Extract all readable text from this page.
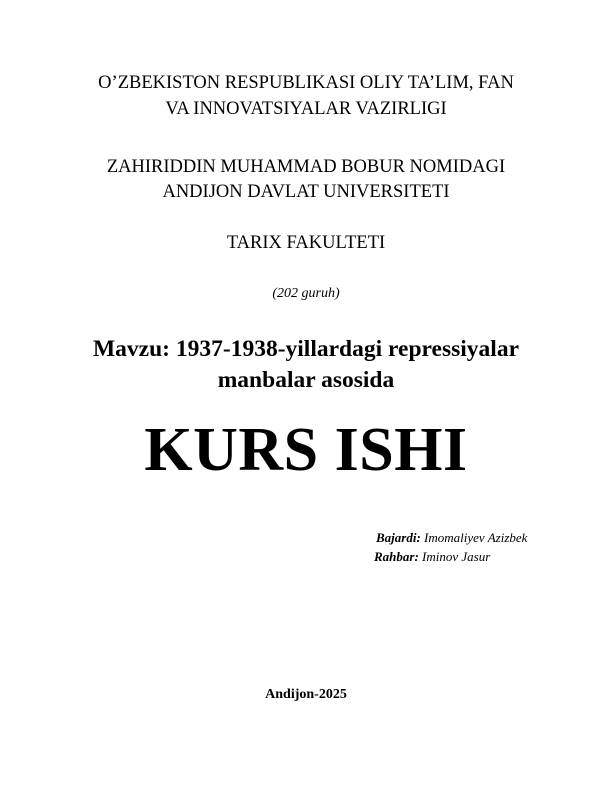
O’ZBEKISTON RESPUBLIKASI OLIY TA’LIM, FAN
VA INNOVATSIYALAR VAZIRLIGI
ZAHIRIDDIN MUHAMMAD BOBUR NOMIDAGI
ANDIJON DAVLAT UNIVERSITETI
TARIX FAKULTETI
(202 guruh)
Mavzu: 1937-1938-yillardagi repressiyalar
manbalar asosida
KURS ISHI
Bajardi: Imomaliyev Azizbek
Rahbar: Iminov Jasur
Andijon-2025
